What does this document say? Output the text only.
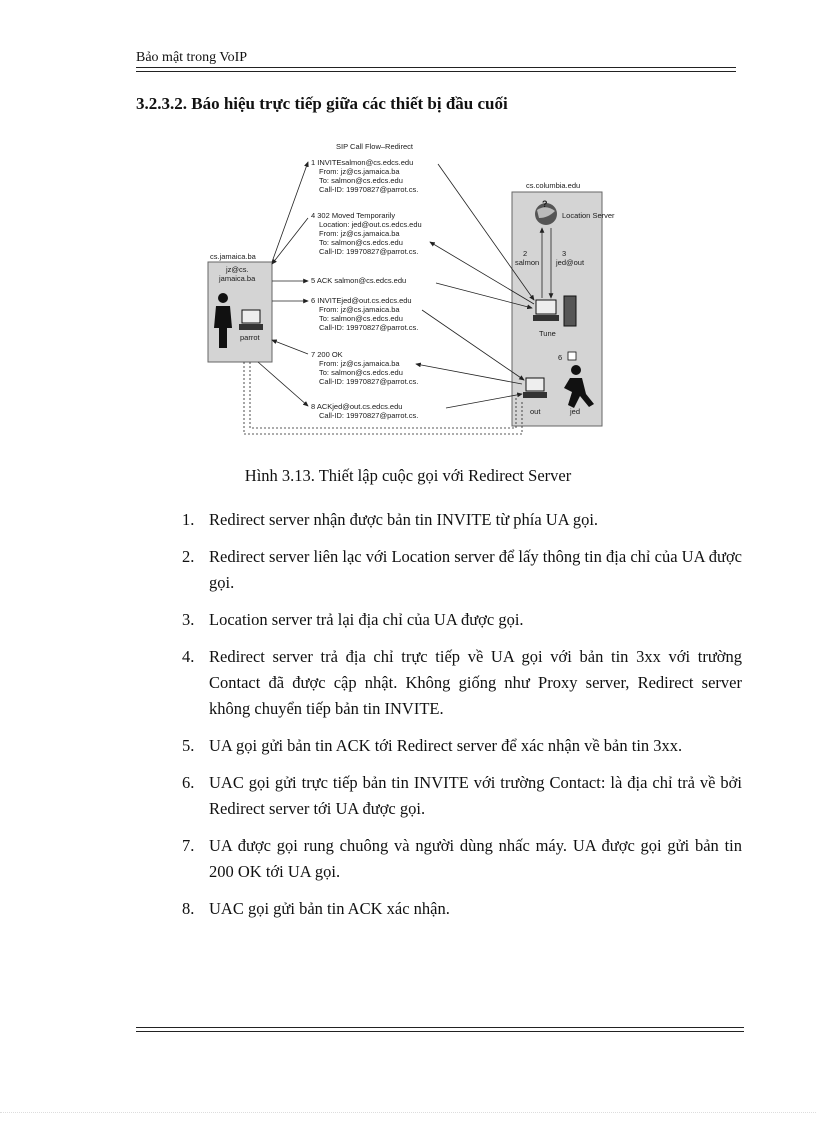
Bảo mật trong VoIP
3.2.3.2. Báo hiệu trực tiếp giữa các thiết bị đầu cuối
SIP Call Flow–Redirect
cs.jamaica.ba
jz@cs.
jamaica.ba
parrot
cs.columbia.edu
?
Location Server
2
salmon
3
jed@out
Tune
6
out	jed
1 INVITEsalmon@cs.edcs.edu
From: jz@cs.jamaica.ba
To: salmon@cs.edcs.edu
Call-ID: 19970827@parrot.cs.
4 302 Moved Temporarily
Location: jed@out.cs.edcs.edu
From: jz@cs.jamaica.ba
To: salmon@cs.edcs.edu
Call-ID: 19970827@parrot.cs.
5 ACK salmon@cs.edcs.edu
6 INVITEjed@out.cs.edcs.edu
From: jz@cs.jamaica.ba
To: salmon@cs.edcs.edu
Call-ID: 19970827@parrot.cs.
7 200 OK
From: jz@cs.jamaica.ba
To: salmon@cs.edcs.edu
Call-ID: 19970827@parrot.cs.
8 ACKjed@out.cs.edcs.edu
Call-ID: 19970827@parrot.cs.
Hình 3.13. Thiết lập cuộc gọi với Redirect Server
1. Redirect server nhận được bản tin INVITE từ phía UA gọi.
2. Redirect server liên lạc với Location server để lấy thông tin địa chỉ của UA được gọi.
3. Location server trả lại địa chỉ của UA được gọi.
4. Redirect server trả địa chỉ trực tiếp về UA gọi với bản tin 3xx với trường Contact đã được cập nhật. Không giống như Proxy server, Redirect server không chuyển tiếp bản tin INVITE.
5. UA gọi gửi bản tin ACK tới Redirect server để xác nhận về bản tin 3xx.
6. UAC gọi gửi trực tiếp bản tin INVITE với trường Contact: là địa chỉ trả về bởi Redirect server tới UA được gọi.
7. UA được gọi rung chuông và người dùng nhấc máy. UA được gọi gửi bản tin 200 OK tới UA gọi.
8. UAC gọi gửi bản tin ACK xác nhận.
